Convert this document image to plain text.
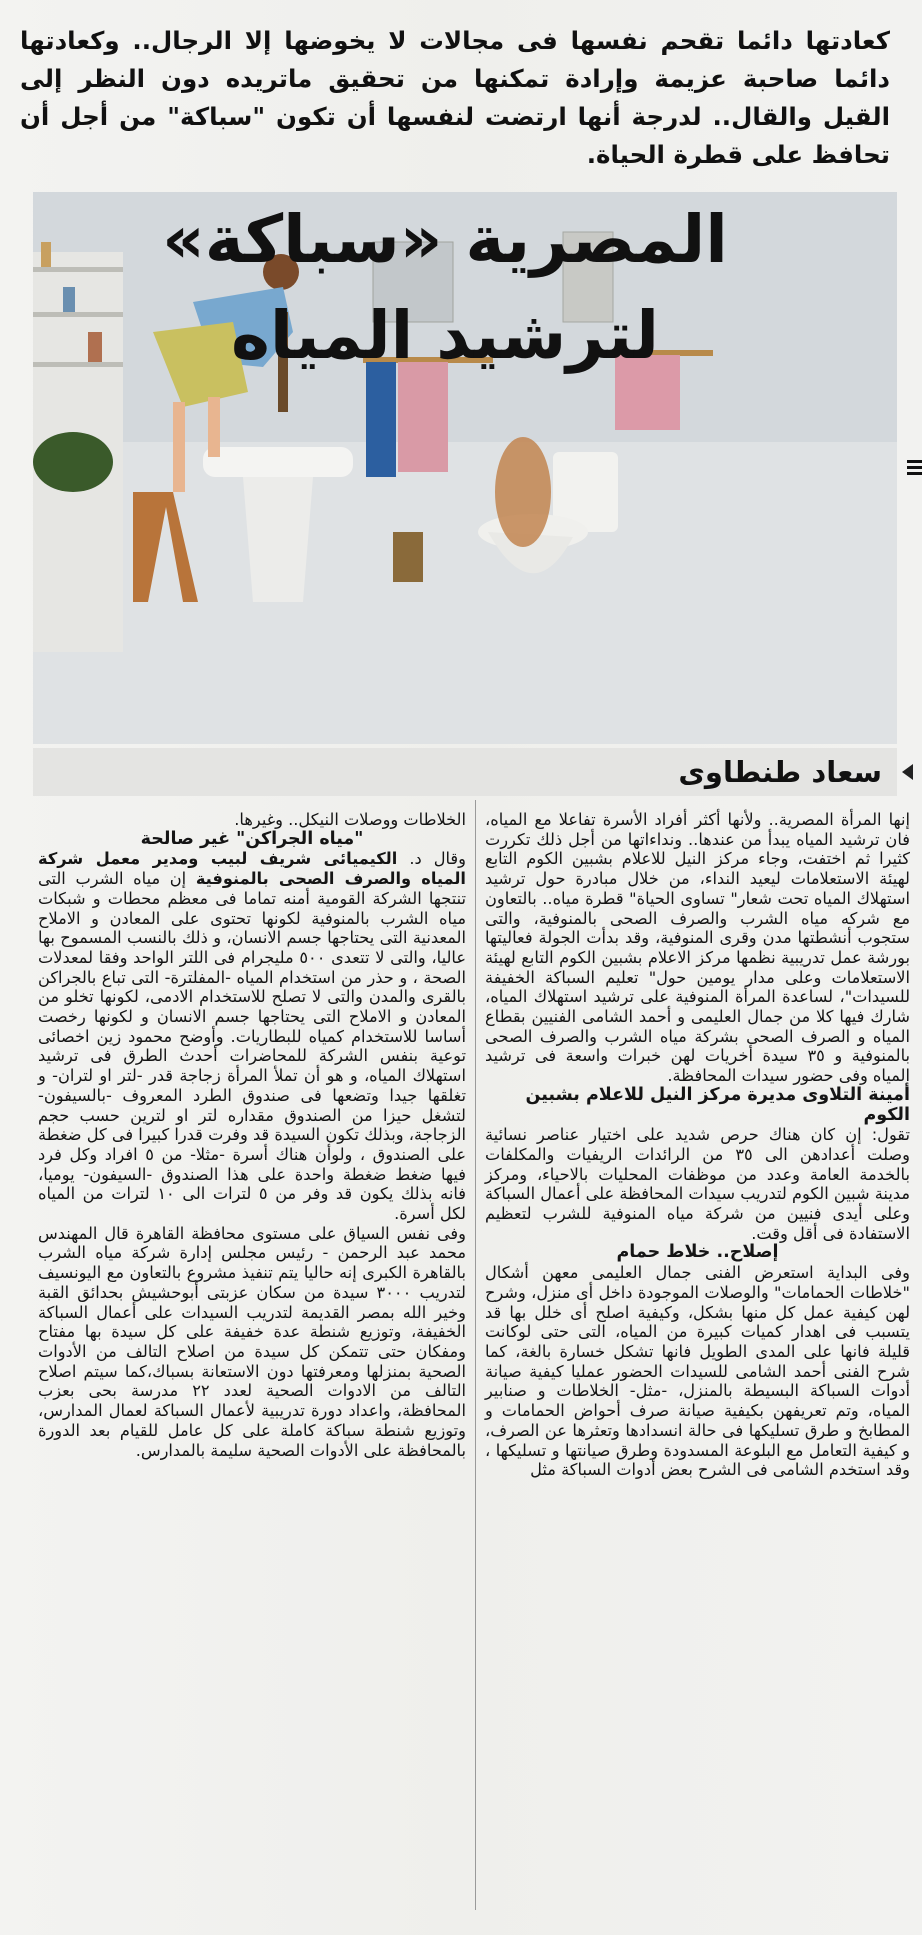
كعادتها دائما تقحم نفسها فى مجالات لا يخوضها إلا الرجال.. وكعادتها دائما صاحبة عزيمة وإرادة تمكنها من تحقيق ماتريده دون النظر إلى القيل والقال.. لدرجة أنها ارتضت لنفسها أن تكون "سباكة" من أجل أن تحافظ على قطرة الحياة.
المصرية «سباكة» لترشيد المياه
سعاد طنطاوى

إنها المرأة المصرية.. ولأنها أكثر أفراد الأسرة تفاعلا مع المياه، فان ترشيد المياه يبدأ من عندها.. ونداءاتها من أجل ذلك تكررت كثيرا ثم اختفت، وجاء مركز النيل للاعلام بشبين الكوم التابع لهيئة الاستعلامات ليعيد النداء، من خلال مبادرة حول ترشيد استهلاك المياه تحت شعار" تساوى الحياة" قطرة مياه.. بالتعاون مع شركه مياه الشرب والصرف الصحى بالمنوفية، والتى ستجوب أنشطتها مدن وقرى المنوفية، وقد بدأت الجولة فعاليتها بورشة عمل تدريبية نظمها مركز الاعلام بشبين الكوم التابع لهيئة الاستعلامات وعلى مدار يومين حول" تعليم السباكة الخفيفة للسيدات"، لساعدة المرأة المنوفية على ترشيد استهلاك المياه، شارك فيها كلا من جمال العليمى و أحمد الشامى الفنيين بقطاع المياه و الصرف الصحى بشركة مياه الشرب والصرف الصحى بالمنوفية و ٣٥ سيدة أخريات لهن خبرات واسعة فى ترشيد المياه وفى حضور سيدات المحافظة.

أمينة التلاوى مديرة مركز النيل للاعلام بشبين الكوم

تقول: إن كان هناك حرص شديد على اختيار عناصر نسائية وصلت أعدادهن الى ٣٥ من الرائدات الريفيات والمكلفات بالخدمة العامة وعدد من موظفات المحليات بالاحياء، ومركز مدينة شبين الكوم لتدريب سيدات المحافظة على أعمال السباكة وعلى أيدى فنيين من شركة مياه المنوفية للشرب لتعظيم الاستفادة فى أقل وقت.

إصلاح.. خلاط حمام

وفى البداية استعرض الفنى جمال العليمى معهن أشكال "خلاطات الحمامات" والوصلات الموجودة داخل أى منزل، وشرح لهن كيفية عمل كل منها بشكل، وكيفية اصلح أى خلل بها قد يتسبب فى اهدار كميات كبيرة من المياه، التى حتى لوكانت قليلة فانها على المدى الطويل فانها تشكل خسارة بالغة، كما شرح الفنى أحمد الشامى للسيدات الحضور عمليا كيفية صيانة أدوات السباكة البسيطة بالمنزل، -مثل- الخلاطات و صنابير المياه، وتم تعريفهن بكيفية صيانة صرف أحواض الحمامات و المطابخ و طرق تسليكها فى حالة انسدادها وتعثرها عن الصرف، و كيفية التعامل مع البلوعة المسدودة وطرق صيانتها و تسليكها ، وقد استخدم الشامى فى الشرح بعض أدوات السباكة مثل

الخلاطات ووصلات النيكل.. وغيرها.

"مياه الجراكن" غير صالحة

وقال د. الكيميائى شريف لبيب ومدير معمل شركة المياه والصرف الصحى بالمنوفية إن مياه الشرب التى تنتجها الشركة القومية أمنه تماما فى معظم محطات و شبكات مياه الشرب بالمنوفية لكونها تحتوى على المعادن و الاملاح المعدنية التى يحتاجها جسم الانسان، و ذلك بالنسب المسموح بها عاليا، والتى لا تتعدى ٥٠٠ مليجرام فى اللتر الواحد وفقا لمعدلات الصحة ، و حذر من استخدام المياه -المفلترة- التى تباع بالجراكن بالقرى والمدن والتى لا تصلح للاستخدام الادمى، لكونها تخلو من المعادن و الاملاح التى يحتاجها جسم الانسان و لكونها رخصت أساسا للاستخدام كمياه للبطاريات. وأوضح محمود زين اخصائى توعية بنفس الشركة للمحاضرات أحدث الطرق فى ترشيد استهلاك المياه، و هو أن تملأ المرأة زجاجة قدر -لتر او لتران- و تغلقها جيدا وتضعها فى صندوق الطرد المعروف -بالسيفون- لتشغل حيزا من الصندوق مقداره لتر او لترين حسب حجم الزجاجة، وبذلك تكون السيدة قد وفرت قدرا كبيرا فى كل ضغطة على الصندوق ، ولوأن هناك أسرة -مثلا- من ٥ افراد وكل فرد فيها ضغط ضغطة واحدة على هذا الصندوق -السيفون- يوميا، فانه بذلك يكون قد وفر من ٥ لترات الى ١٠ لترات من المياه لكل أسرة.

وفى نفس السياق على مستوى محافظة القاهرة قال المهندس محمد عبد الرحمن - رئيس مجلس إدارة شركة مياه الشرب بالقاهرة الكبرى إنه حاليا يتم تنفيذ مشروع بالتعاون مع اليونسيف لتدريب ٣٠٠٠ سيدة من سكان عزبتى أبوحشيش بحدائق القبة وخير الله بمصر القديمة لتدريب السيدات على أعمال السباكة الخفيفة، وتوزيع شنطة عدة خفيفة على كل سيدة بها مفتاح ومفكان حتى تتمكن كل سيدة من اصلاح التالف من الأدوات الصحية بمنزلها ومعرفتها دون الاستعانة بسباك،كما سيتم اصلاح التالف من الادوات الصحية لعدد ٢٢ مدرسة بحى بعزب المحافظة، واعداد دورة تدريبية لأعمال السباكة لعمال المدارس، وتوزيع شنطة سباكة كاملة على كل عامل للقيام بعد الدورة بالمحافظة على الأدوات الصحية سليمة بالمدارس.
